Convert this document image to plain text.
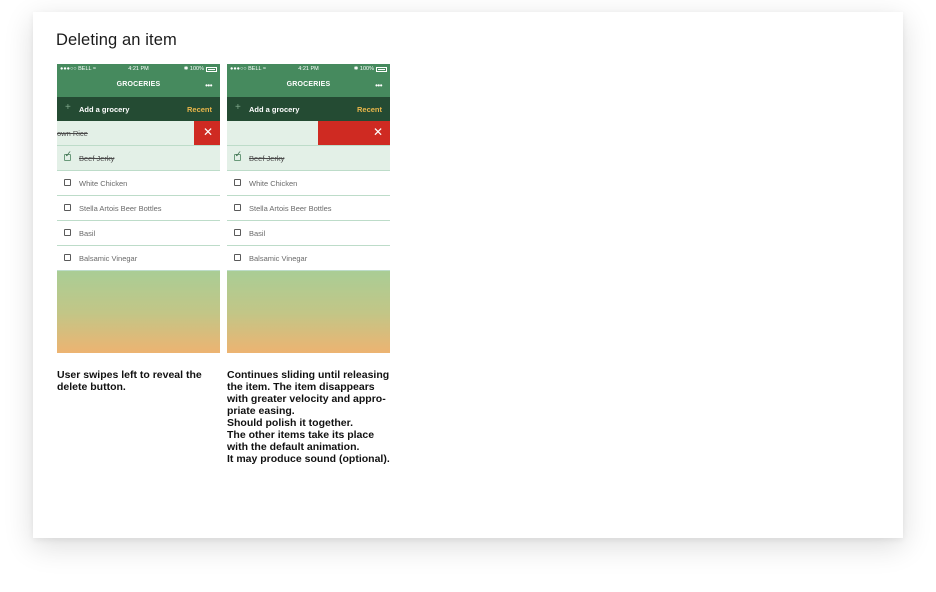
Deleting an item
●●●○○ BELL ≈	4:21 PM	✱ 100%
GROCERIES	•••
+ Add a grocery	Recent
own Rice	✕
✓ Beef Jerky
White Chicken
Stella Artois Beer Bottles
Basil
Balsamic Vinegar
●●●○○ BELL ≈	4:21 PM	✱ 100%
GROCERIES	•••
+ Add a grocery	Recent
✕
✓ Beef Jerky
White Chicken
Stella Artois Beer Bottles
Basil
Balsamic Vinegar
User swipes left to reveal the
delete button.
Continues sliding until releasing
the item. The item disappears
with greater velocity and appro-
priate easing.
Should polish it together.
The other items take its place
with the default animation.
It may produce sound (optional).
